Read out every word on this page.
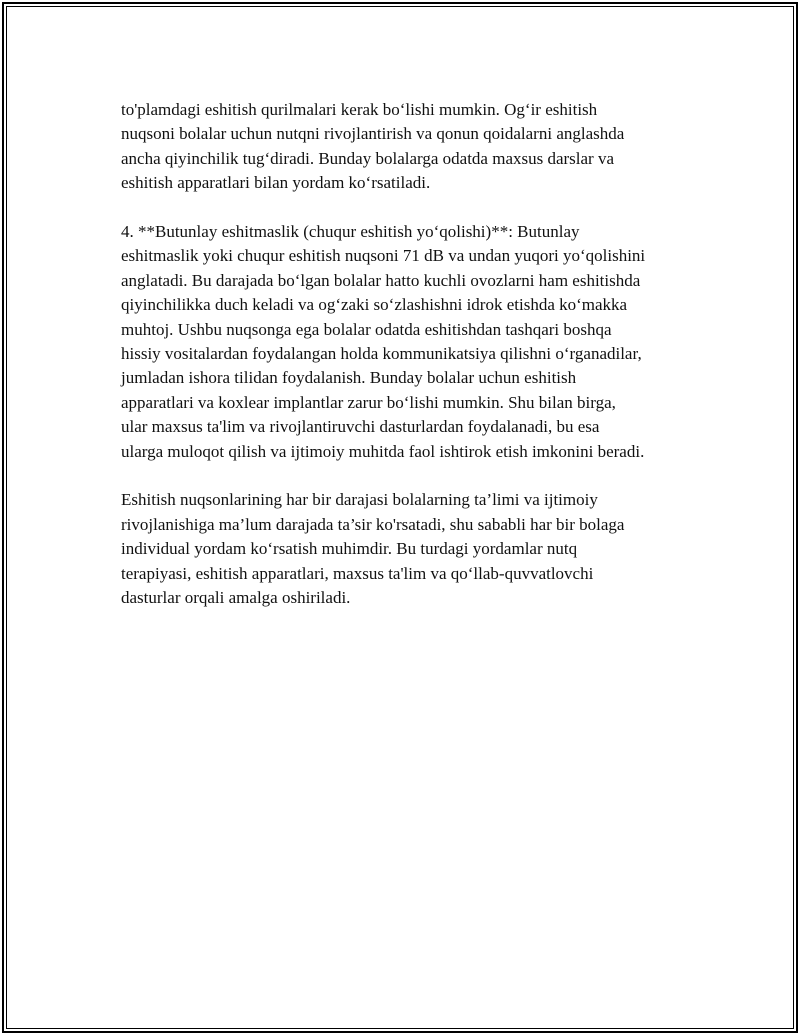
to'plamdagi eshitish qurilmalari kerak bo‘lishi mumkin. Og‘ir eshitish
nuqsoni bolalar uchun nutqni rivojlantirish va qonun qoidalarni anglashda
ancha qiyinchilik tug‘diradi. Bunday bolalarga odatda maxsus darslar va
eshitish apparatlari bilan yordam ko‘rsatiladi.

4. **Butunlay eshitmaslik (chuqur eshitish yo‘qolishi)**: Butunlay
eshitmaslik yoki chuqur eshitish nuqsoni 71 dB va undan yuqori yo‘qolishini
anglatadi. Bu darajada bo‘lgan bolalar hatto kuchli ovozlarni ham eshitishda
qiyinchilikka duch keladi va og‘zaki so‘zlashishni idrok etishda ko‘makka
muhtoj. Ushbu nuqsonga ega bolalar odatda eshitishdan tashqari boshqa
hissiy vositalardan foydalangan holda kommunikatsiya qilishni o‘rganadilar,
jumladan ishora tilidan foydalanish. Bunday bolalar uchun eshitish
apparatlari va koxlear implantlar zarur bo‘lishi mumkin. Shu bilan birga,
ular maxsus ta'lim va rivojlantiruvchi dasturlardan foydalanadi, bu esa
ularga muloqot qilish va ijtimoiy muhitda faol ishtirok etish imkonini beradi.

Eshitish nuqsonlarining har bir darajasi bolalarning ta’limi va ijtimoiy
rivojlanishiga ma’lum darajada ta’sir ko'rsatadi, shu sababli har bir bolaga
individual yordam ko‘rsatish muhimdir. Bu turdagi yordamlar nutq
terapiyasi, eshitish apparatlari, maxsus ta'lim va qo‘llab-quvvatlovchi
dasturlar orqali amalga oshiriladi.
